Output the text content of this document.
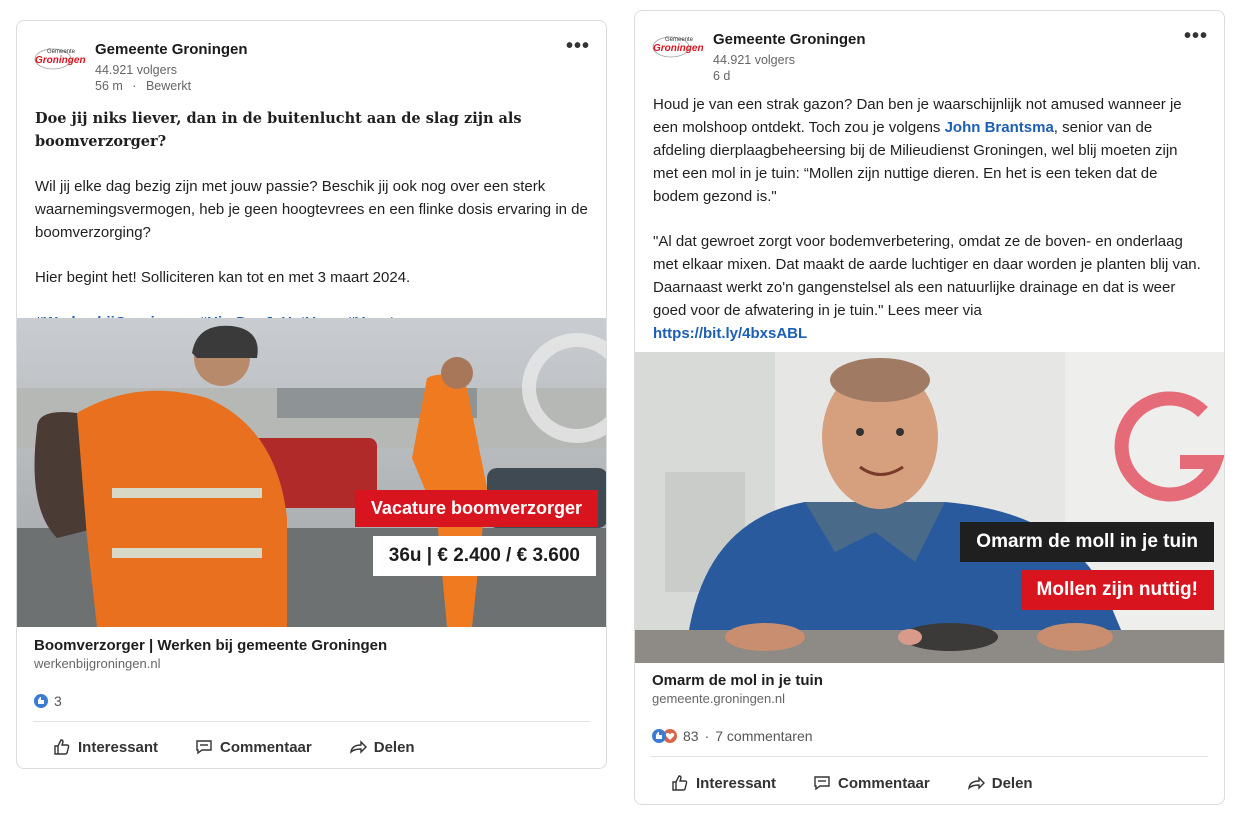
Gemeente
Groningen
Gemeente Groningen
44.921 volgers
56 m · Bewerkt
•••

Doe jij niks liever, dan in de buitenlucht aan de slag zijn als boomverzorger?

Wil jij elke dag bezig zijn met jouw passie? Beschik jij ook nog over een sterk waarnemingsvermogen, heb je geen hoogtevrees en een flinke dosis ervaring in de boomverzorging?

Hier begint het! Solliciteren kan tot en met 3 maart 2024.

Vacature boomverzorger
36u | € 2.400 / € 3.600
Boomverzorger | Werken bij gemeente Groningen
werkenbijgroningen.nl
3
Interessant	Commentaar	Delen
Gemeente
Groningen
Gemeente Groningen
44.921 volgers
6 d
•••

Houd je van een strak gazon? Dan ben je waarschijnlijk not amused wanneer je een molshoop ontdekt. Toch zou je volgens John Brantsma, senior van de afdeling dierplaagbeheersing bij de Milieudienst Groningen, wel blij moeten zijn met een mol in je tuin: “Mollen zijn nuttige dieren. En het is een teken dat de bodem gezond is."

"Al dat gewroet zorgt voor bodemverbetering, omdat ze de boven- en onderlaag met elkaar mixen. Dat maakt de aarde luchtiger en daar worden je planten blij van. Daarnaast werkt zo'n gangenstelsel als een natuurlijke drainage en dat is weer goed voor de afwatering in je tuin." Lees meer via
https://bit.ly/4bxsABL

Omarm de moll in je tuin
Mollen zijn nuttig!
Omarm de mol in je tuin
gemeente.groningen.nl
83 · 7 commentaren
Interessant	Commentaar	Delen
